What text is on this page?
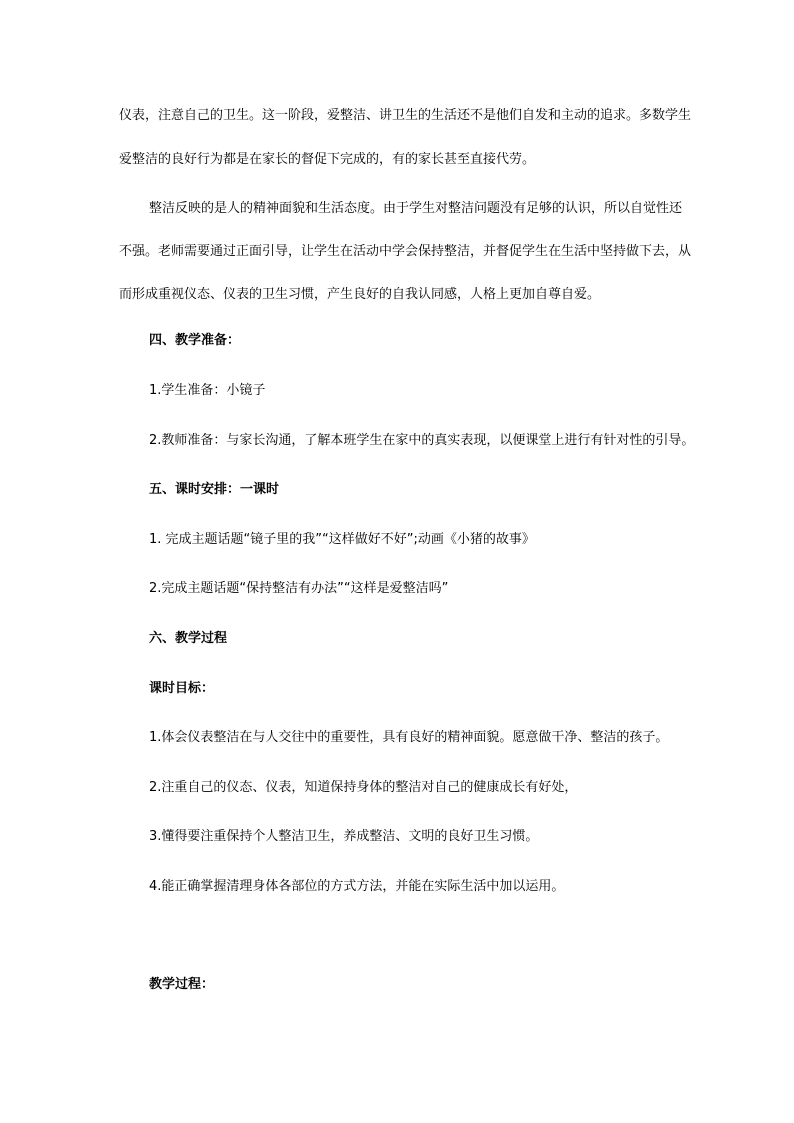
仪表，注意自己的卫生。这一阶段，爱整洁、讲卫生的生活还不是他们自发和主动的追求。多数学生
爱整洁的良好行为都是在家长的督促下完成的，有的家长甚至直接代劳。
整洁反映的是人的精神面貌和生活态度。由于学生对整洁问题没有足够的认识，所以自觉性还
不强。老师需要通过正面引导，让学生在活动中学会保持整洁，并督促学生在生活中坚持做下去，从
而形成重视仪态、仪表的卫生习惯，产生良好的自我认同感，人格上更加自尊自爱。
四、教学准备：
1.学生准备：小镜子
2.教师准备：与家长沟通，了解本班学生在家中的真实表现，以便课堂上进行有针对性的引导。
五、课时安排：一课时
1. 完成主题话题“镜子里的我”“这样做好不好”;动画《小猪的故事》
2.完成主题话题“保持整洁有办法”“这样是爱整洁吗”
六、教学过程
课时目标：
1.体会仪表整洁在与人交往中的重要性，具有良好的精神面貌。愿意做干净、整洁的孩子。
2.注重自己的仪态、仪表，知道保持身体的整洁对自己的健康成长有好处，
3.懂得要注重保持个人整洁卫生，养成整洁、文明的良好卫生习惯。
4.能正确掌握清理身体各部位的方式方法，并能在实际生活中加以运用。
教学过程：
